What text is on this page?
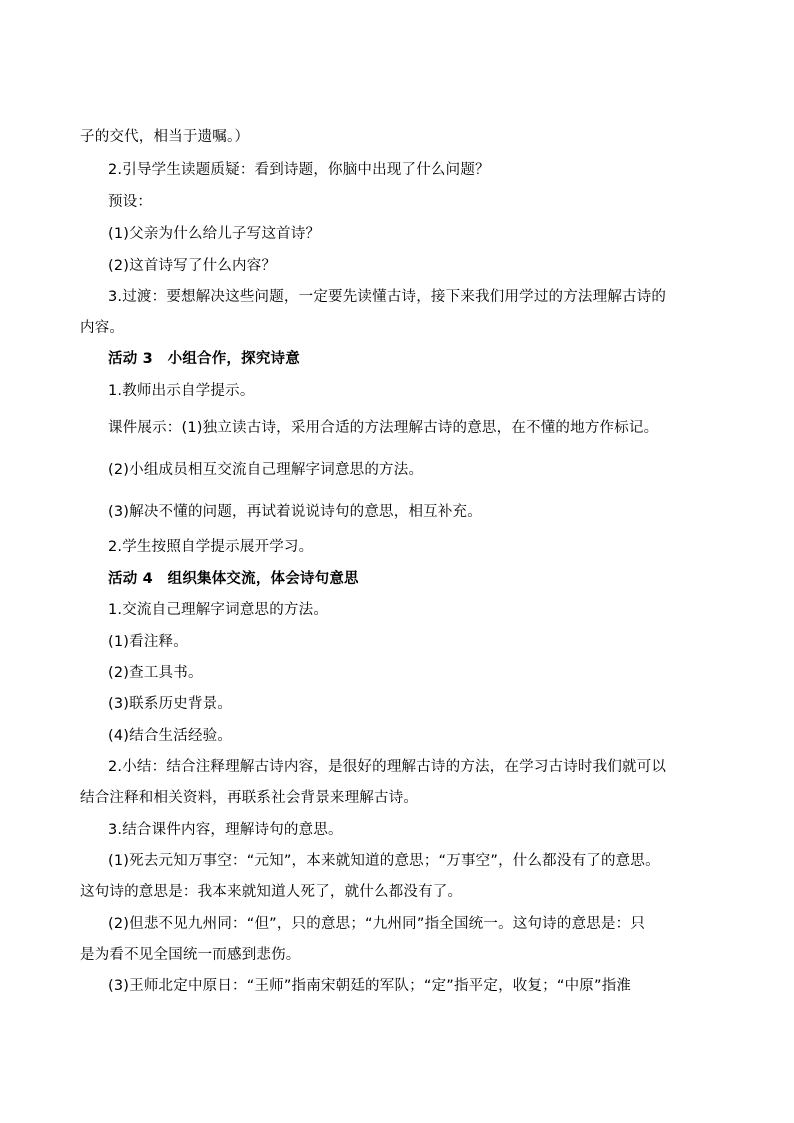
子的交代，相当于遗嘱。）
2.引导学生读题质疑：看到诗题，你脑中出现了什么问题？
预设：
(1)父亲为什么给儿子写这首诗？
(2)这首诗写了什么内容？
3.过渡：要想解决这些问题，一定要先读懂古诗，接下来我们用学过的方法理解古诗的
内容。
活动 3　小组合作，探究诗意
1.教师出示自学提示。
课件展示：(1)独立读古诗，采用合适的方法理解古诗的意思，在不懂的地方作标记。
(2)小组成员相互交流自己理解字词意思的方法。
(3)解决不懂的问题，再试着说说诗句的意思，相互补充。
2.学生按照自学提示展开学习。
活动 4　组织集体交流，体会诗句意思
1.交流自己理解字词意思的方法。
(1)看注释。
(2)查工具书。
(3)联系历史背景。
(4)结合生活经验。
2.小结：结合注释理解古诗内容，是很好的理解古诗的方法，在学习古诗时我们就可以
结合注释和相关资料，再联系社会背景来理解古诗。
3.结合课件内容，理解诗句的意思。
(1)死去元知万事空：“元知”，本来就知道的意思；“万事空”，什么都没有了的意思。
这句诗的意思是：我本来就知道人死了，就什么都没有了。
(2)但悲不见九州同：“但”，只的意思；“九州同”指全国统一。这句诗的意思是：只
是为看不见全国统一而感到悲伤。
(3)王师北定中原日：“王师”指南宋朝廷的军队；“定”指平定，收复；“中原”指淮
